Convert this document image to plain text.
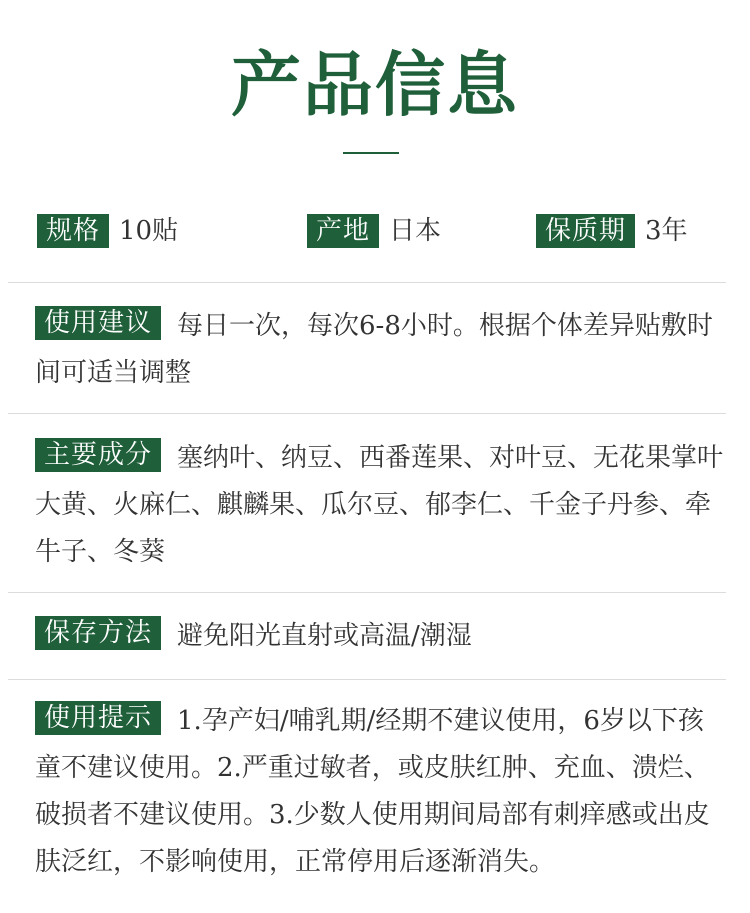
产品信息
规格 10贴	产地 日本	保质期 3年
使用建议 每日一次，每次6-8小时。根据个体差异贴敷时间可适当调整
主要成分 塞纳叶、纳豆、西番莲果、对叶豆、无花果掌叶大黄、火麻仁、麒麟果、瓜尔豆、郁李仁、千金子丹参、牵牛子、冬葵
保存方法 避免阳光直射或高温/潮湿
使用提示 1.孕产妇/哺乳期/经期不建议使用，6岁以下孩童不建议使用。2.严重过敏者，或皮肤红肿、充血、溃烂、破损者不建议使用。3.少数人使用期间局部有刺痒感或出皮肤泛红，不影响使用，正常停用后逐渐消失。
